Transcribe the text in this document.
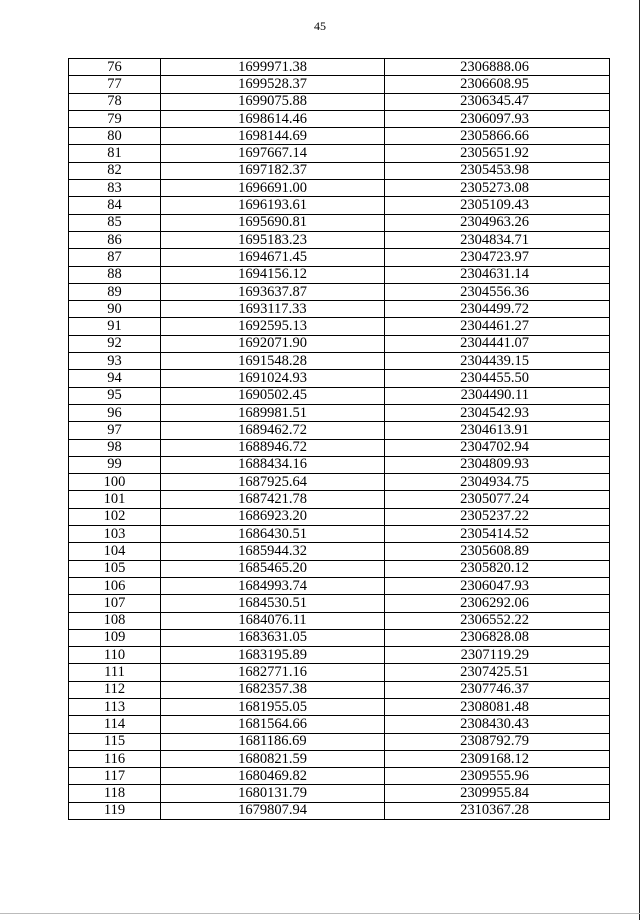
45
76	1699971.38	2306888.06
77	1699528.37	2306608.95
78	1699075.88	2306345.47
79	1698614.46	2306097.93
80	1698144.69	2305866.66
81	1697667.14	2305651.92
82	1697182.37	2305453.98
83	1696691.00	2305273.08
84	1696193.61	2305109.43
85	1695690.81	2304963.26
86	1695183.23	2304834.71
87	1694671.45	2304723.97
88	1694156.12	2304631.14
89	1693637.87	2304556.36
90	1693117.33	2304499.72
91	1692595.13	2304461.27
92	1692071.90	2304441.07
93	1691548.28	2304439.15
94	1691024.93	2304455.50
95	1690502.45	2304490.11
96	1689981.51	2304542.93
97	1689462.72	2304613.91
98	1688946.72	2304702.94
99	1688434.16	2304809.93
100	1687925.64	2304934.75
101	1687421.78	2305077.24
102	1686923.20	2305237.22
103	1686430.51	2305414.52
104	1685944.32	2305608.89
105	1685465.20	2305820.12
106	1684993.74	2306047.93
107	1684530.51	2306292.06
108	1684076.11	2306552.22
109	1683631.05	2306828.08
110	1683195.89	2307119.29
111	1682771.16	2307425.51
112	1682357.38	2307746.37
113	1681955.05	2308081.48
114	1681564.66	2308430.43
115	1681186.69	2308792.79
116	1680821.59	2309168.12
117	1680469.82	2309555.96
118	1680131.79	2309955.84
119	1679807.94	2310367.28
